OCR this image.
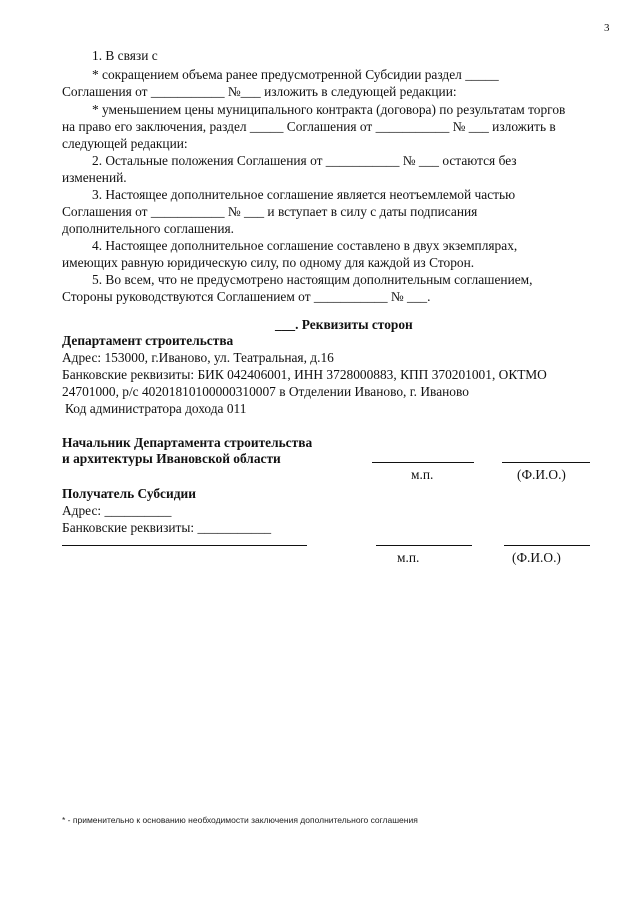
3
1. В связи с
* сокращением объема ранее предусмотренной Субсидии раздел _____
Соглашения от ___________ №___ изложить в следующей редакции:
* уменьшением цены муниципального контракта (договора) по результатам торгов
на право его заключения, раздел _____ Соглашения от ___________ № ___ изложить в
следующей редакции:
2. Остальные положения Соглашения от ___________ № ___ остаются без
изменений.
3. Настоящее дополнительное соглашение является неотъемлемой частью
Соглашения от ___________ № ___ и вступает в силу с даты подписания
дополнительного соглашения.
4. Настоящее дополнительное соглашение составлено в двух экземплярах,
имеющих равную юридическую силу, по одному для каждой из Сторон.
5. Во всем, что не предусмотрено настоящим дополнительным соглашением,
Стороны руководствуются Соглашением от ___________ № ___.
___. Реквизиты сторон
Департамент строительства
Адрес: 153000, г.Иваново, ул. Театральная, д.16
Банковские реквизиты: БИК 042406001, ИНН 3728000883, КПП 370201001, ОКТМО
24701000, р/с 40201810100000310007 в Отделении Иваново, г. Иваново
Код администратора дохода 011
Начальник Департамента строительства
и архитектуры Ивановской области
м.п.	(Ф.И.О.)
Получатель Субсидии
Адрес: __________
Банковские реквизиты: ___________
м.п.	(Ф.И.О.)
* - применительно к основанию необходимости заключения дополнительного соглашения
